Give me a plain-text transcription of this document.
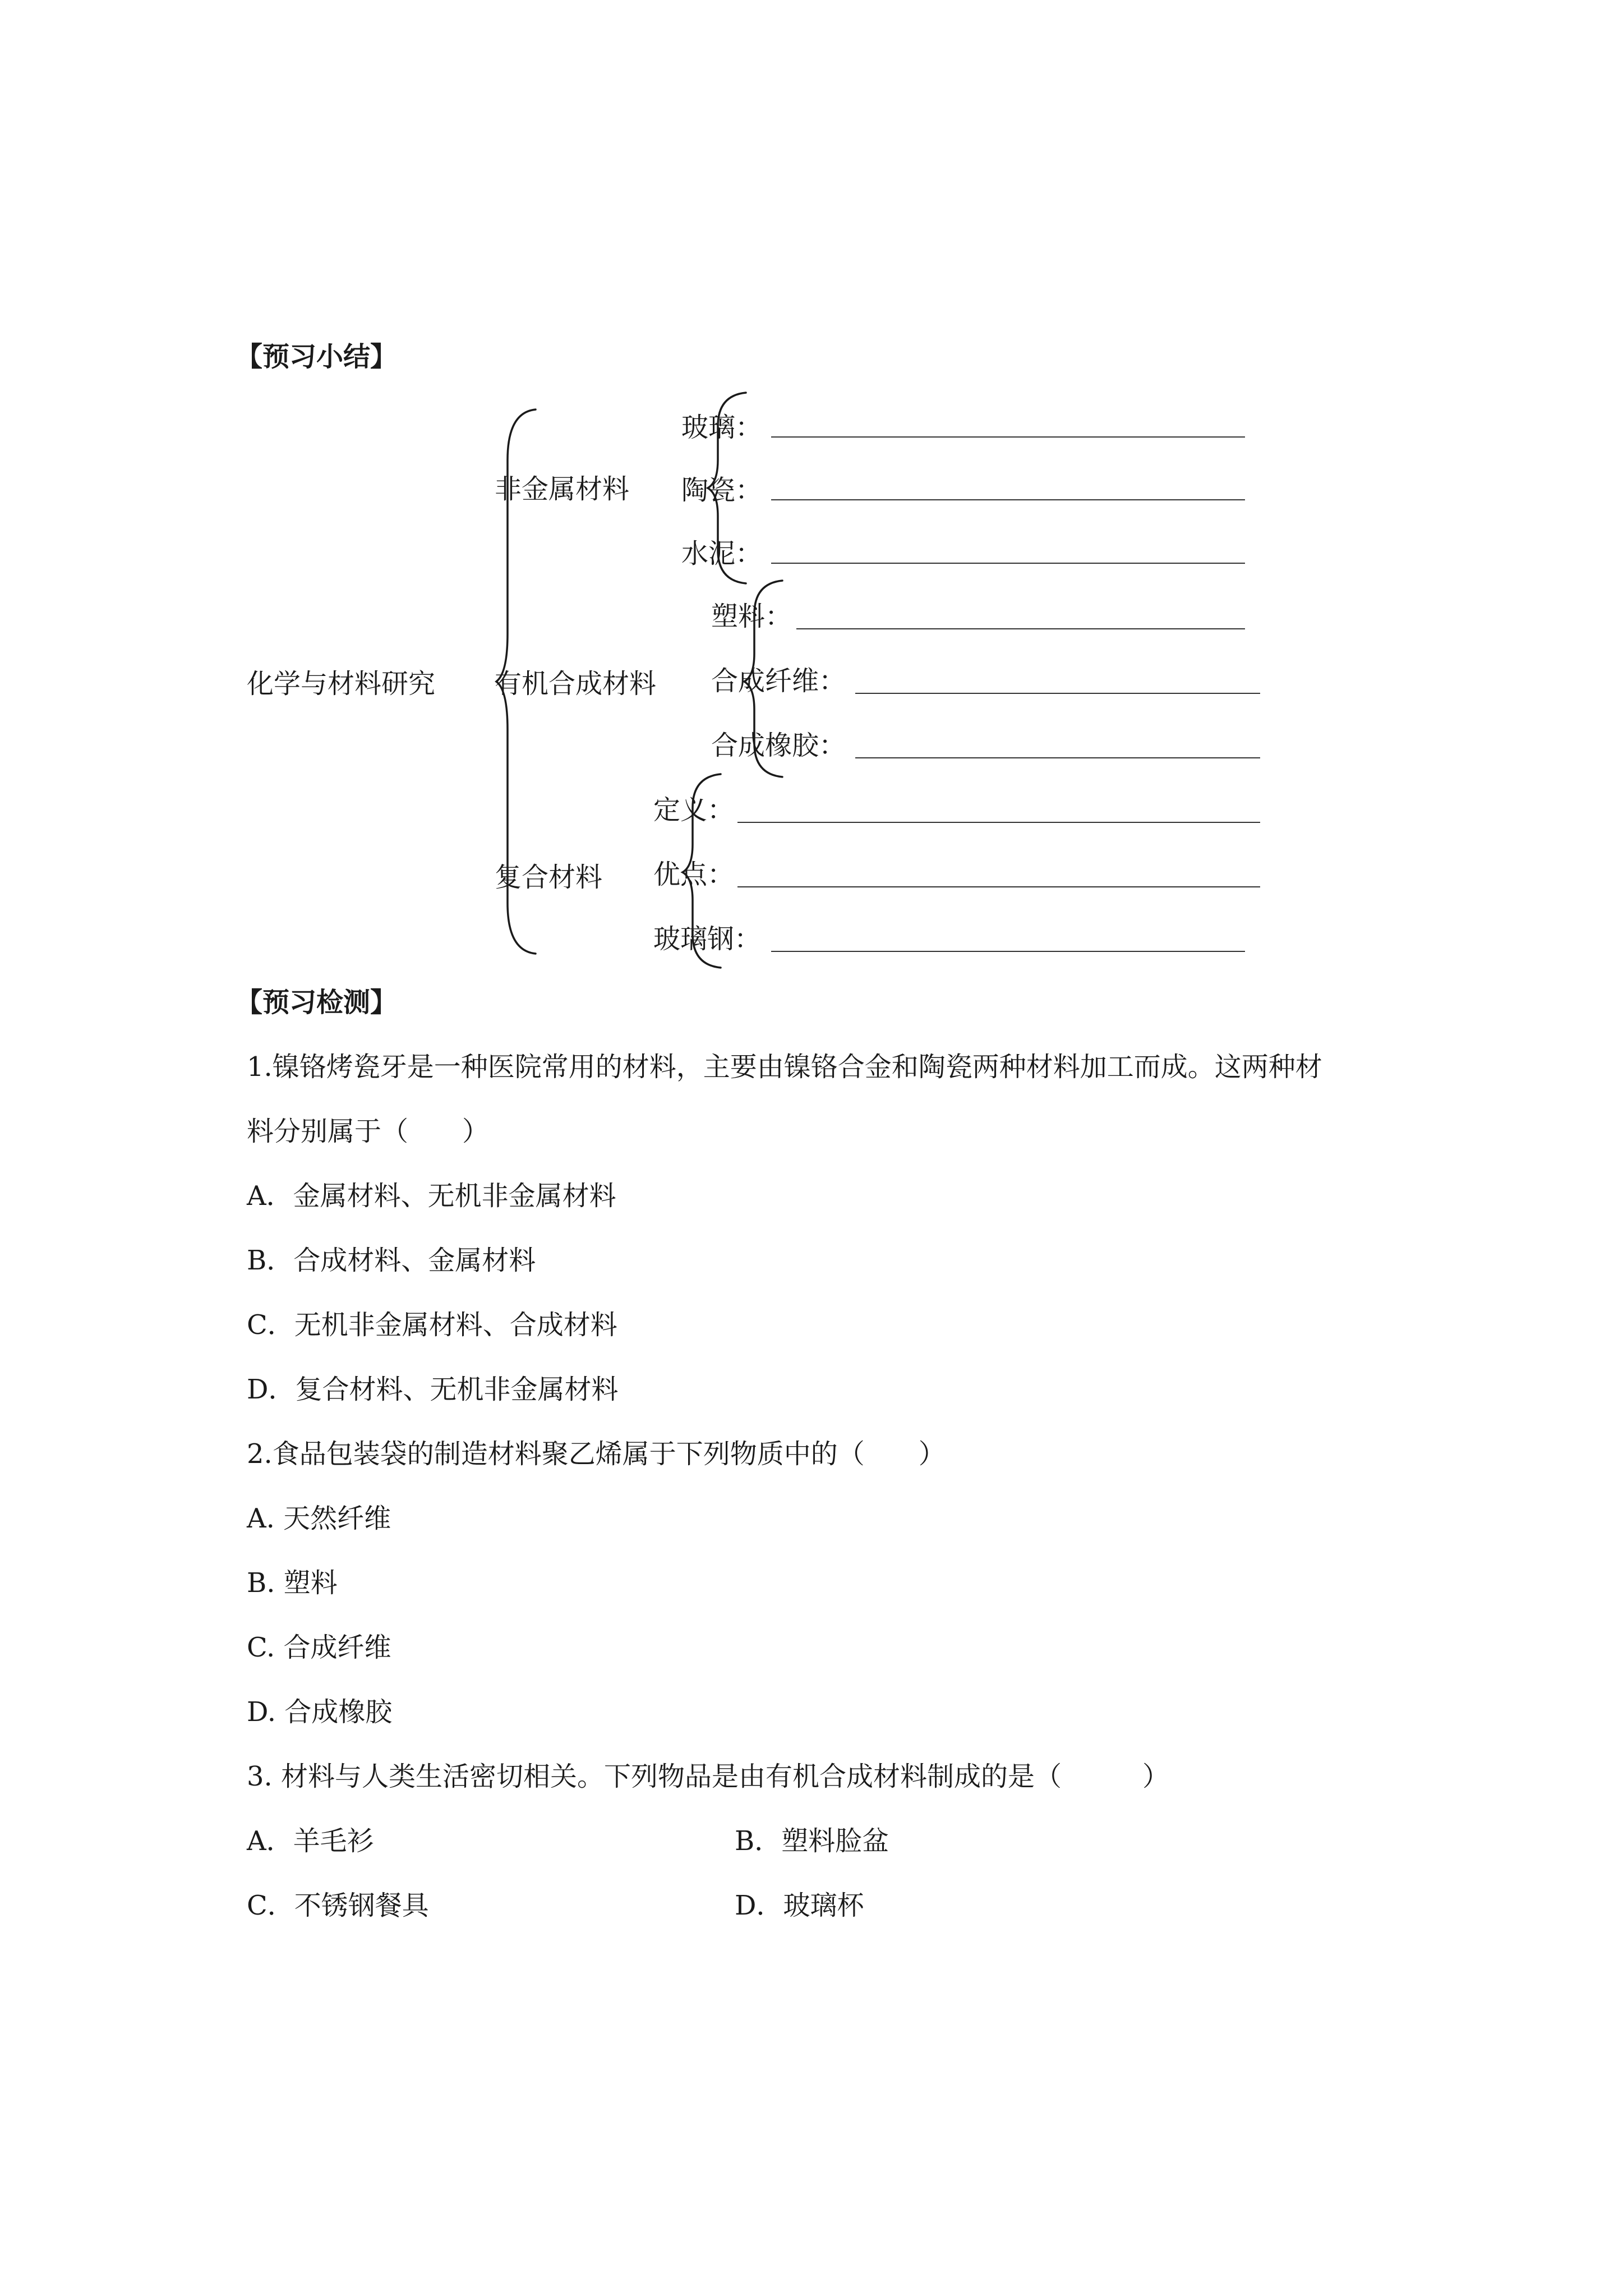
【预习小结】
化学与材料研究
非金属材料
有机合成材料
复合材料
玻璃：
陶瓷：
水泥：
塑料：
合成纤维：
合成橡胶：
定义：
优点：
玻璃钢：
【预习检测】
1.镍铬烤瓷牙是一种医院常用的材料，主要由镍铬合金和陶瓷两种材料加工而成。这两种材
料分别属于（　　）
A．金属材料、无机非金属材料
B．合成材料、金属材料
C．无机非金属材料、合成材料
D．复合材料、无机非金属材料
2.食品包装袋的制造材料聚乙烯属于下列物质中的（　　）
A. 天然纤维
B. 塑料
C. 合成纤维
D. 合成橡胶
3. 材料与人类生活密切相关。下列物品是由有机合成材料制成的是（　　　）
A．羊毛衫	B．塑料脸盆
C．不锈钢餐具	D．玻璃杯
